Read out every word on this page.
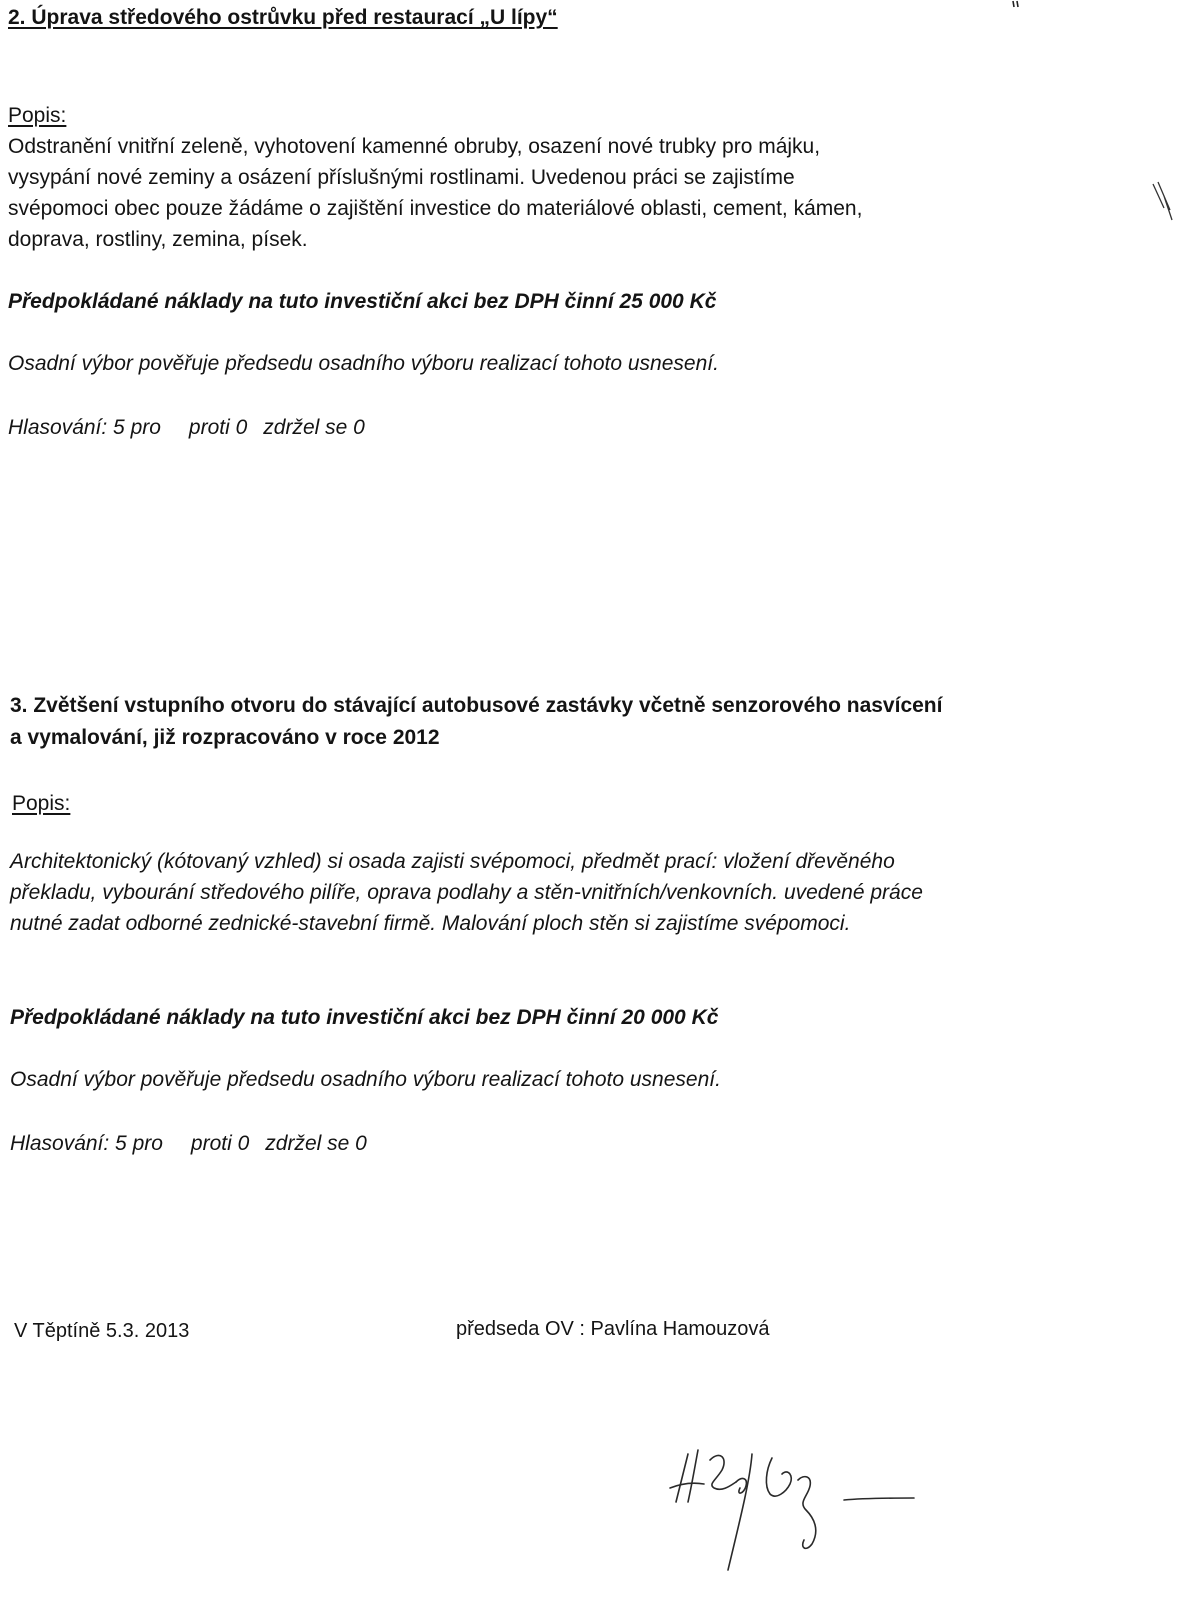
2. Úprava středového ostrůvku před restaurací „U lípy“
Popis:

Odstranění vnitřní zeleně, vyhotovení kamenné obruby, osazení nové trubky pro májku,

vysypání nové zeminy a osázení příslušnými rostlinami. Uvedenou práci se zajistíme

svépomoci obec pouze žádáme o zajištění investice do materiálové oblasti, cement, kámen,

doprava, rostliny, zemina, písek.

Předpokládané náklady na tuto investiční akci bez DPH činní 25 000 Kč
Osadní výbor pověřuje předsedu osadního výboru realizací tohoto usnesení.
Hlasování: 5 pro proti 0 zdržel se 0
3. Zvětšení vstupního otvoru do stávající autobusové zastávky včetně senzorového nasvícení
a vymalování, již rozpracováno v roce 2012
Popis:

Architektonický (kótovaný vzhled) si osada zajisti svépomoci, předmět prací: vložení dřevěného

překladu, vybourání středového pilíře, oprava podlahy a stěn-vnitřních/venkovních. uvedené práce

nutné zadat odborné zednické-stavební firmě. Malování ploch stěn si zajistíme svépomoci.

Předpokládané náklady na tuto investiční akci bez DPH činní 20 000 Kč
Osadní výbor pověřuje předsedu osadního výboru realizací tohoto usnesení.
Hlasování: 5 pro proti 0 zdržel se 0
V Těptíně 5.3. 2013	předseda OV : Pavlína Hamouzová
